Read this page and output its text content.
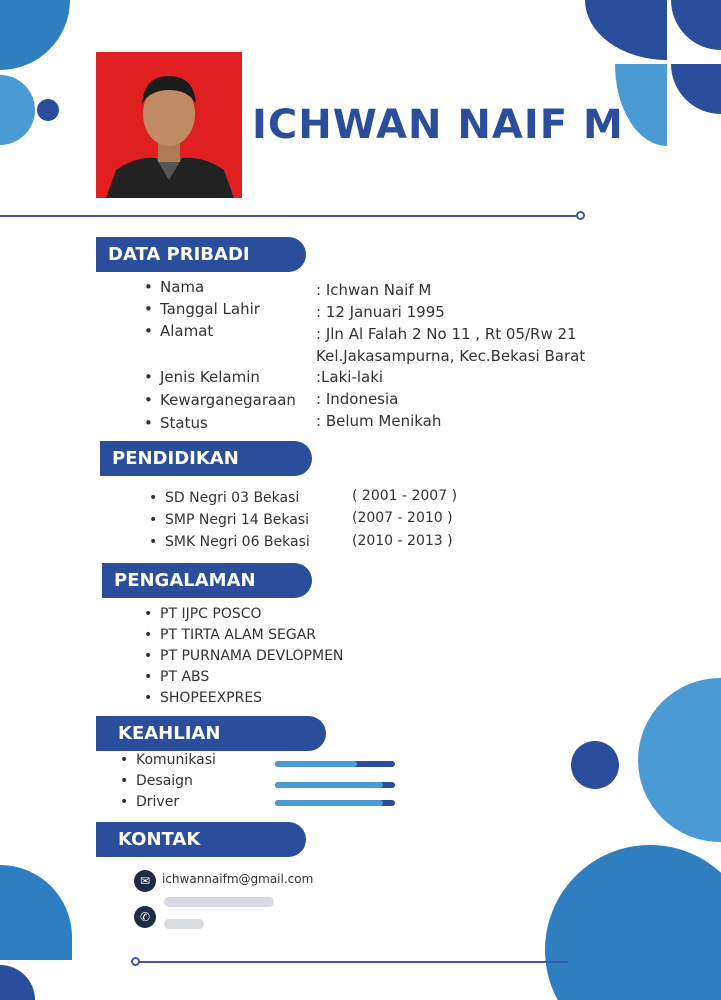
ICHWAN NAIF M
DATA PRIBADI
• Nama	: Ichwan Naif M
• Tanggal Lahir	: 12 Januari 1995
• Alamat	: Jln Al Falah 2 No 11 , Rt 05/Rw 21
Kel.Jakasampurna, Kec.Bekasi Barat
• Jenis Kelamin	:Laki-laki
• Kewarganegaraan : Indonesia
• Status	: Belum Menikah
PENDIDIKAN
• SD Negri 03 Bekasi	( 2001 - 2007 )
• SMP Negri 14 Bekasi	(2007 - 2010 )
• SMK Negri 06 Bekasi	(2010 - 2013 )
PENGALAMAN
• PT IJPC POSCO
• PT TIRTA ALAM SEGAR
• PT PURNAMA DEVLOPMEN
• PT ABS
• SHOPEEXPRES
KEAHLIAN
• Komunikasi
• Desaign
• Driver
KONTAK
✉ ichwannaifm@gmail.com
✆
